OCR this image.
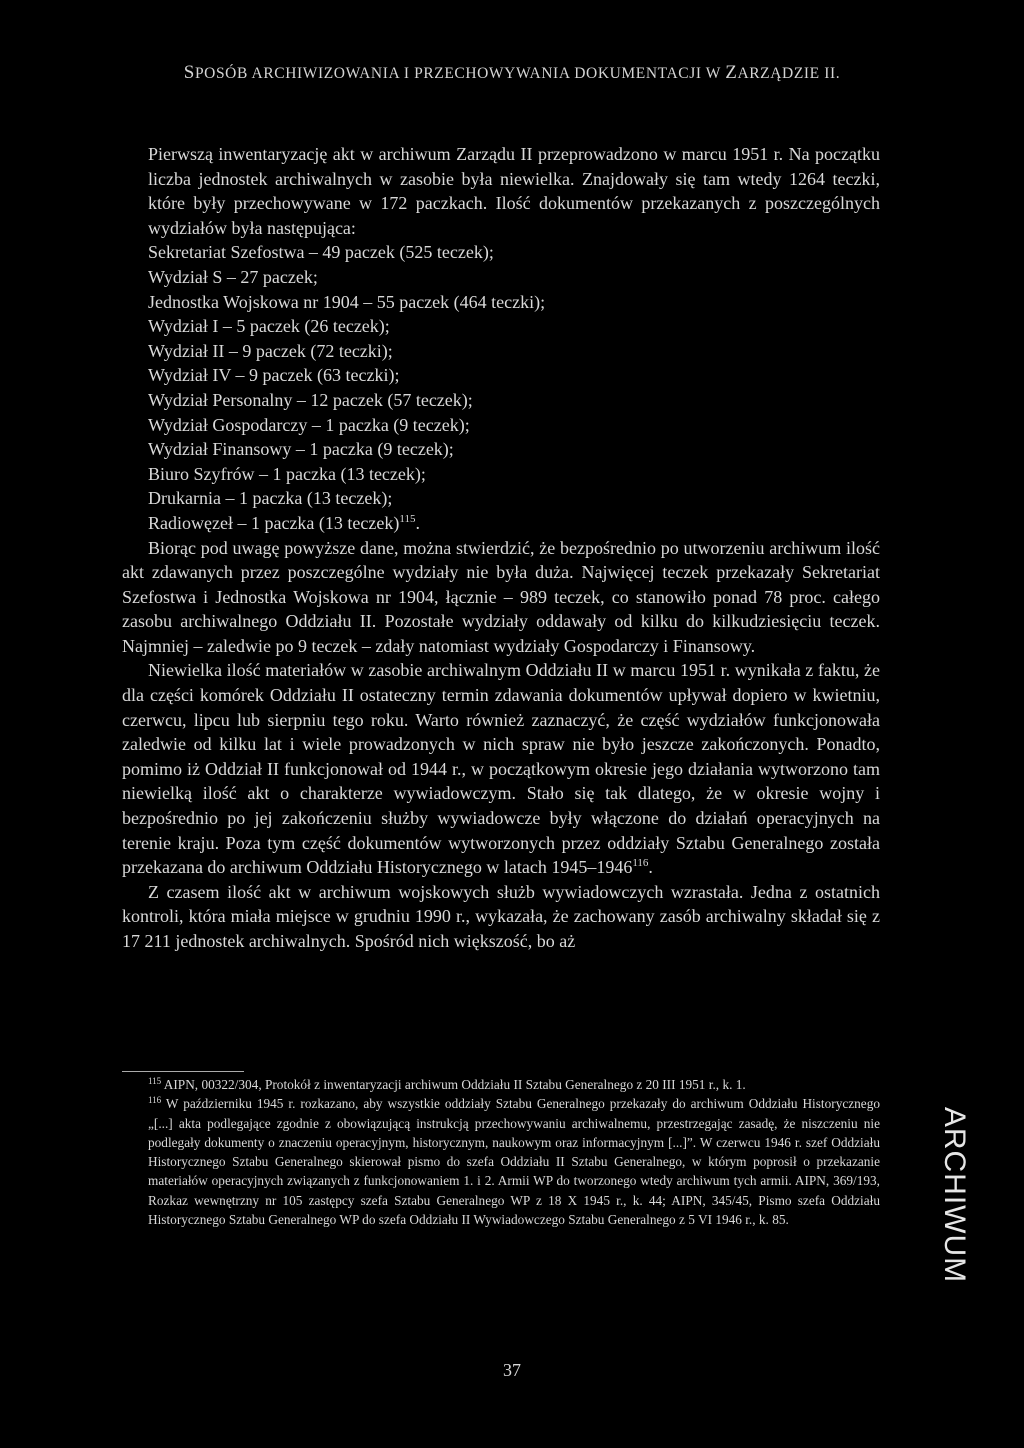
SPOSÓB ARCHIWIZOWANIA I PRZECHOWYWANIA DOKUMENTACJI W ZARZĄDZIE II.

Pierwszą inwentaryzację akt w archiwum Zarządu II przeprowadzono w marcu 1951 r. Na początku liczba jednostek archiwalnych w zasobie była niewielka. Znajdowały się tam wtedy 1264 teczki, które były przechowywane w 172 paczkach. Ilość dokumentów przekazanych z poszczególnych wydziałów była następująca:

Sekretariat Szefostwa – 49 paczek (525 teczek);
Wydział S – 27 paczek;
Jednostka Wojskowa nr 1904 – 55 paczek (464 teczki);
Wydział I – 5 paczek (26 teczek);
Wydział II – 9 paczek (72 teczki);
Wydział IV – 9 paczek (63 teczki);
Wydział Personalny – 12 paczek (57 teczek);
Wydział Gospodarczy – 1 paczka (9 teczek);
Wydział Finansowy – 1 paczka (9 teczek);
Biuro Szyfrów – 1 paczka (13 teczek);
Drukarnia – 1 paczka (13 teczek);
Radiowęzeł – 1 paczka (13 teczek)$^{115}$.

Biorąc pod uwagę powyższe dane, można stwierdzić, że bezpośrednio po utworzeniu archiwum ilość akt zdawanych przez poszczególne wydziały nie była duża. Najwięcej teczek przekazały Sekretariat Szefostwa i Jednostka Wojskowa nr 1904, łącznie – 989 teczek, co stanowiło ponad 78 proc. całego zasobu archiwalnego Oddziału II. Pozostałe wydziały oddawały od kilku do kilkudziesięciu teczek. Najmniej – zaledwie po 9 teczek – zdały natomiast wydziały Gospodarczy i Finansowy.

Niewielka ilość materiałów w zasobie archiwalnym Oddziału II w marcu 1951 r. wynikała z faktu, że dla części komórek Oddziału II ostateczny termin zdawania dokumentów upływał dopiero w kwietniu, czerwcu, lipcu lub sierpniu tego roku. Warto również zaznaczyć, że część wydziałów funkcjonowała zaledwie od kilku lat i wiele prowadzonych w nich spraw nie było jeszcze zakończonych. Ponadto, pomimo iż Oddział II funkcjonował od 1944 r., w początkowym okresie jego działania wytworzono tam niewielką ilość akt o charakterze wywiadowczym. Stało się tak dlatego, że w okresie wojny i bezpośrednio po jej zakończeniu służby wywiadowcze były włączone do działań operacyjnych na terenie kraju. Poza tym część dokumentów wytworzonych przez oddziały Sztabu Generalnego została przekazana do archiwum Oddziału Historycznego w latach 1945–1946$^{116}$.

Z czasem ilość akt w archiwum wojskowych służb wywiadowczych wzrastała. Jedna z ostatnich kontroli, która miała miejsce w grudniu 1990 r., wykazała, że zachowany zasób archiwalny składał się z 17 211 jednostek archiwalnych. Spośród nich większość, bo aż

$^{115}$ AIPN, 00322/304, Protokół z inwentaryzacji archiwum Oddziału II Sztabu Generalnego z 20 III 1951 r., k. 1.

$^{116}$ W październiku 1945 r. rozkazano, aby wszystkie oddziały Sztabu Generalnego przekazały do archiwum Oddziału Historycznego „[...] akta podlegające zgodnie z obowiązującą instrukcją przechowywaniu archiwalnemu, przestrzegając zasadę, że niszczeniu nie podlegały dokumenty o znaczeniu operacyjnym, historycznym, naukowym oraz informacyjnym [...]”. W czerwcu 1946 r. szef Oddziału Historycznego Sztabu Generalnego skierował pismo do szefa Oddziału II Sztabu Generalnego, w którym poprosił o przekazanie materiałów operacyjnych związanych z funkcjonowaniem 1. i 2. Armii WP do tworzonego wtedy archiwum tych armii. AIPN, 369/193, Rozkaz wewnętrzny nr 105 zastępcy szefa Sztabu Generalnego WP z 18 X 1945 r., k. 44; AIPN, 345/45, Pismo szefa Oddziału Historycznego Sztabu Generalnego WP do szefa Oddziału II Wywiadowczego Sztabu Generalnego z 5 VI 1946 r., k. 85.

37
ARCHIWUM
